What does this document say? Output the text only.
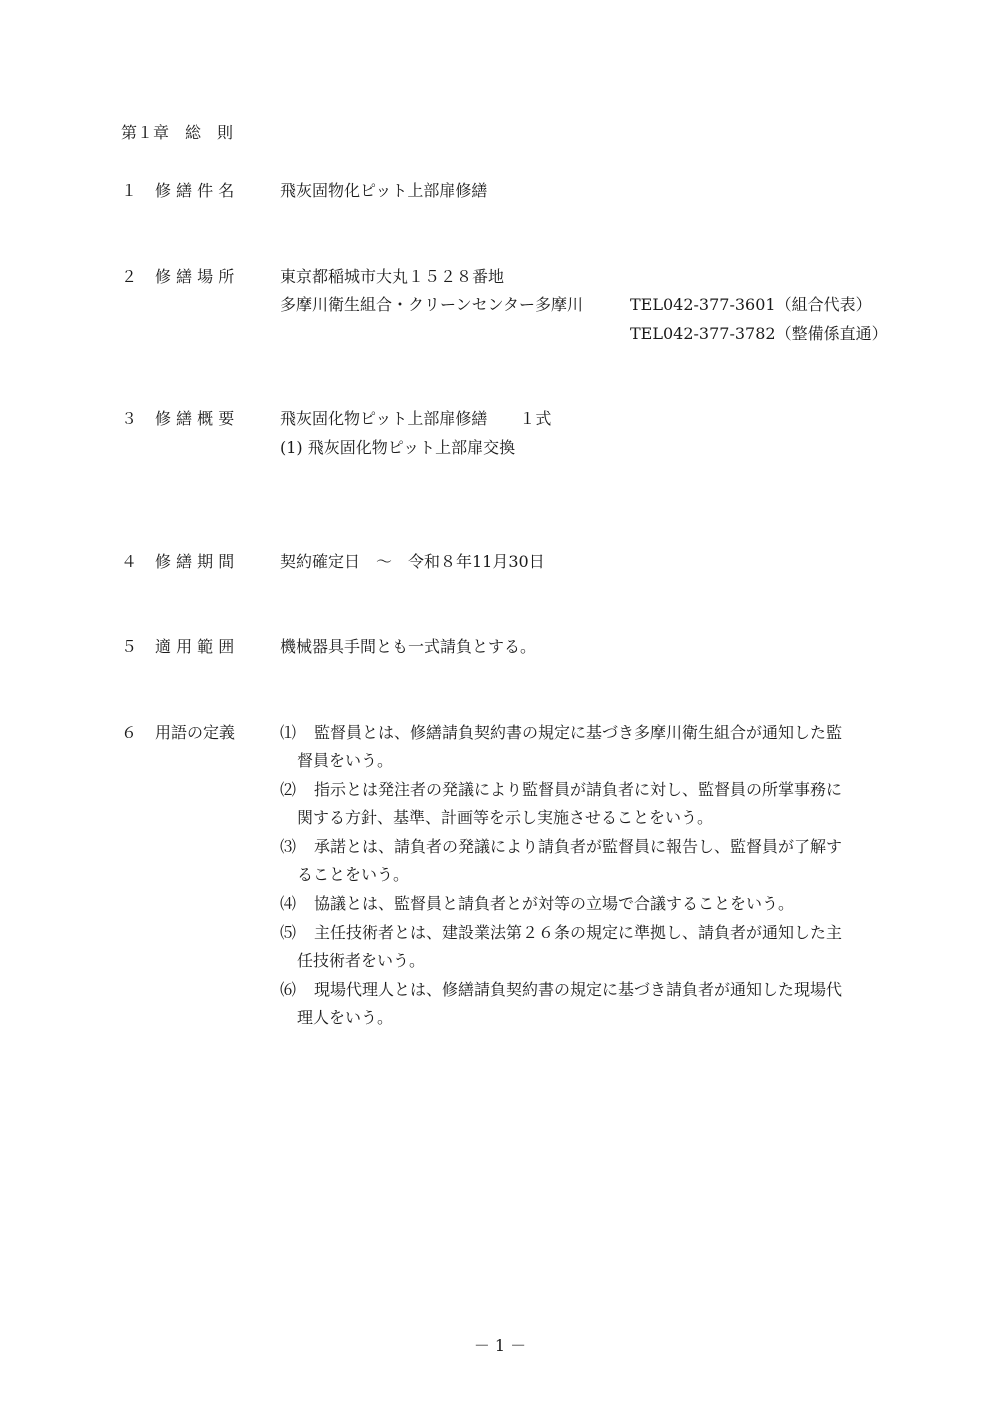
第１章　総　則
１ 修 繕 件 名	飛灰固物化ピット上部扉修繕
２ 修 繕 場 所	東京都稲城市大丸１５２８番地
多摩川衛生組合・クリーンセンター多摩川	TEL042-377-3601（組合代表）
TEL042-377-3782（整備係直通）
３ 修 繕 概 要	飛灰固化物ピット上部扉修繕　　１式
(1) 飛灰固化物ピット上部扉交換
４ 修 繕 期 間	契約確定日　～　令和８年11月30日
５ 適 用 範 囲	機械器具手間とも一式請負とする。
６ 用語の定義	⑴ 監督員とは、修繕請負契約書の規定に基づき多摩川衛生組合が通知した監
督員をいう。
⑵ 指示とは発注者の発議により監督員が請負者に対し、監督員の所掌事務に
関する方針、基準、計画等を示し実施させることをいう。
⑶ 承諾とは、請負者の発議により請負者が監督員に報告し、監督員が了解す
ることをいう。
⑷ 協議とは、監督員と請負者とが対等の立場で合議することをいう。
⑸ 主任技術者とは、建設業法第２６条の規定に準拠し、請負者が通知した主
任技術者をいう。
⑹ 現場代理人とは、修繕請負契約書の規定に基づき請負者が通知した現場代
理人をいう。
－ 1 －
